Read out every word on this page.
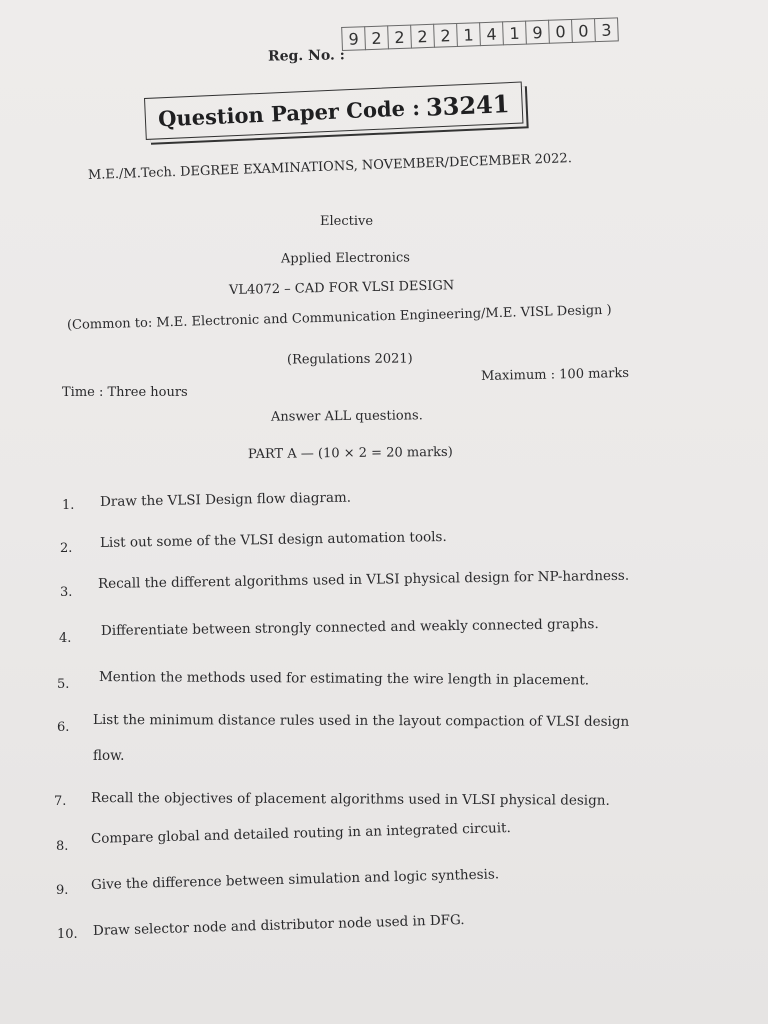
Reg. No. :
9 2 2 2 2 1 4 1 9 0 0 3
Question Paper Code : 33241
M.E./M.Tech. DEGREE EXAMINATIONS, NOVEMBER/DECEMBER 2022.
Elective
Applied Electronics
VL4072 – CAD FOR VLSI DESIGN
(Common to: M.E. Electronic and Communication Engineering/M.E. VISL Design )
(Regulations 2021)
Time : Three hours
Maximum : 100 marks
Answer ALL questions.
PART A — (10 × 2 = 20 marks)
1. Draw the VLSI Design flow diagram.
2. List out some of the VLSI design automation tools.
3.
Recall the different algorithms used in VLSI physical design for NP-hardness.
4. Differentiate between strongly connected and weakly connected graphs.
5. Mention the methods used for estimating the wire length in placement.
6. List the minimum distance rules used in the layout compaction of VLSI design
flow.
7. Recall the objectives of placement algorithms used in VLSI physical design.
8. Compare global and detailed routing in an integrated circuit.
9. Give the difference between simulation and logic synthesis.
10. Draw selector node and distributor node used in DFG.
